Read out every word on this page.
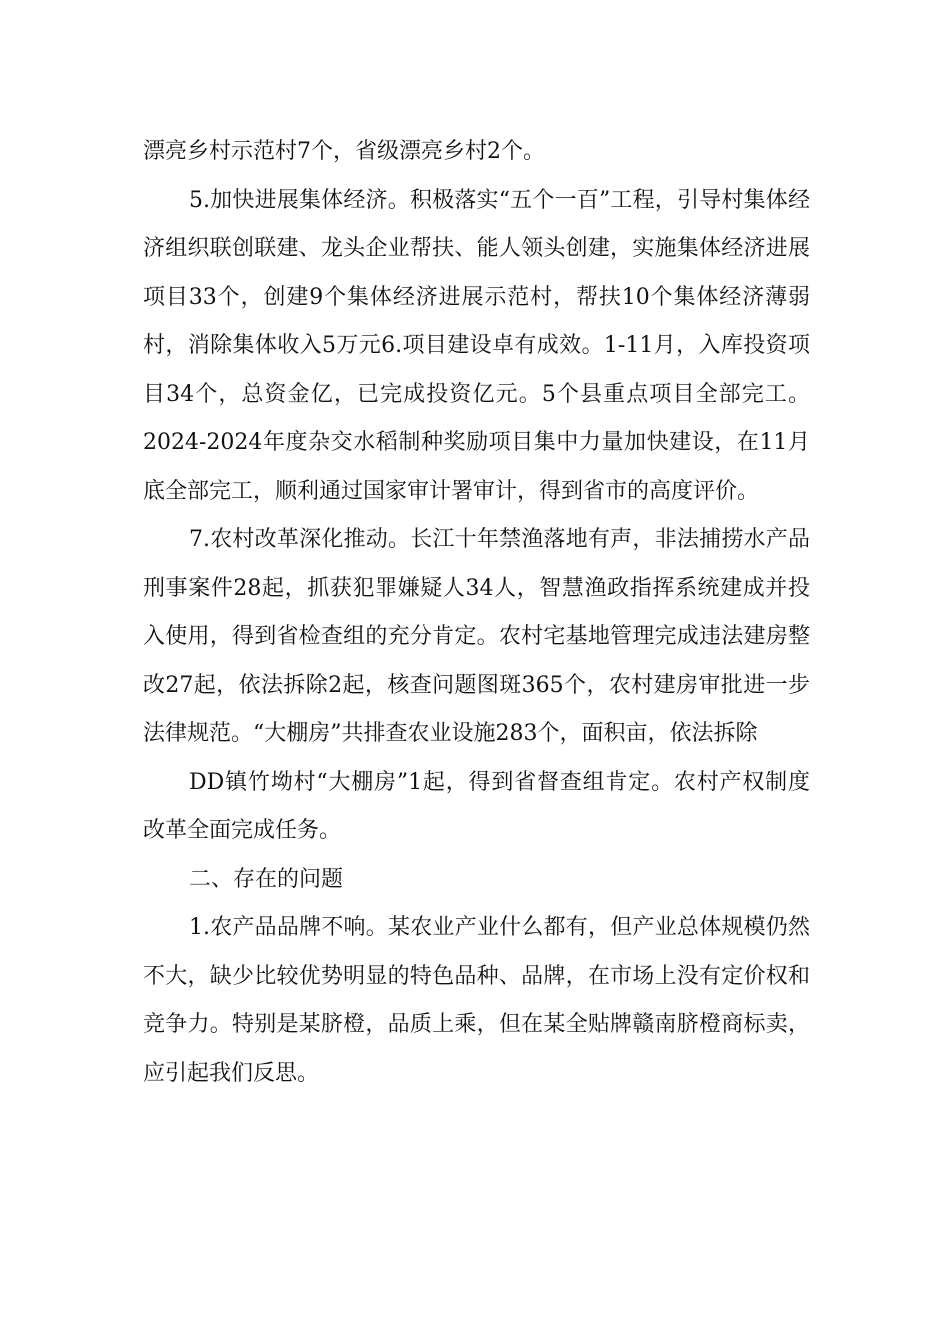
漂亮乡村示范村7个，省级漂亮乡村2个。

5.加快进展集体经济。积极落实“五个一百”工程，引导村集体经济组织联创联建、龙头企业帮扶、能人领头创建，实施集体经济进展项目33个，创建9个集体经济进展示范村，帮扶10个集体经济薄弱村，消除集体收入5万元6.项目建设卓有成效。1-11月，入库投资项目34个，总资金亿，已完成投资亿元。5个县重点项目全部完工。2024-2024年度杂交水稻制种奖励项目集中力量加快建设，在11月底全部完工，顺利通过国家审计署审计，得到省市的高度评价。

7.农村改革深化推动。长江十年禁渔落地有声，非法捕捞水产品刑事案件28起，抓获犯罪嫌疑人34人，智慧渔政指挥系统建成并投入使用，得到省检查组的充分肯定。农村宅基地管理完成违法建房整改27起，依法拆除2起，核查问题图斑365个，农村建房审批进一步法律规范。“大棚房”共排查农业设施283个，面积亩，依法拆除

DD镇竹坳村“大棚房”1起，得到省督查组肯定。农村产权制度改革全面完成任务。

二、存在的问题

1.农产品品牌不响。某农业产业什么都有，但产业总体规模仍然不大，缺少比较优势明显的特色品种、品牌，在市场上没有定价权和竞争力。特别是某脐橙，品质上乘，但在某全贴牌赣南脐橙商标卖，应引起我们反思。
